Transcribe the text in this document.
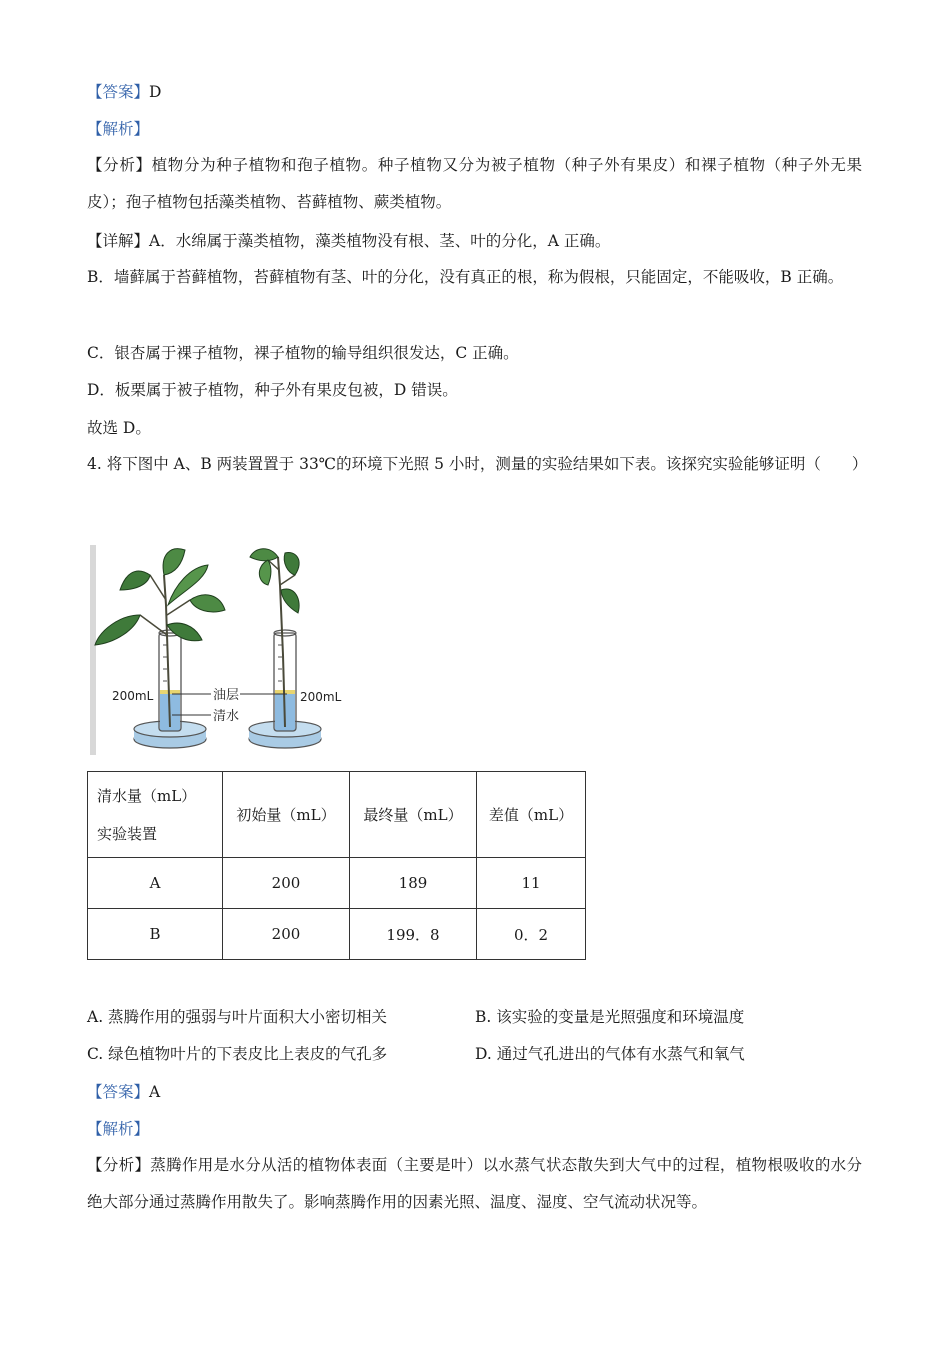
【答案】D
【解析】
【分析】植物分为种子植物和孢子植物。种子植物又分为被子植物（种子外有果皮）和裸子植物（种子外无果皮）；孢子植物包括藻类植物、苔藓植物、蕨类植物。
【详解】A．水绵属于藻类植物，藻类植物没有根、茎、叶的分化，A 正确。
B．墙藓属于苔藓植物，苔藓植物有茎、叶的分化，没有真正的根，称为假根，只能固定，不能吸收，B 正确。
C．银杏属于裸子植物，裸子植物的输导组织很发达，C 正确。
D．板栗属于被子植物，种子外有果皮包被，D 错误。
故选 D。
4. 将下图中 A、B 两装置置于 33℃的环境下光照 5 小时，测量的实验结果如下表。该探究实验能够证明（　　）
200mL	200mL
油层
清水
清水量（mL）
实验装置	初始量（mL）	最终量（mL）	差值（mL）
A	200	189	11
B	200	199．8	0．2
A. 蒸腾作用的强弱与叶片面积大小密切相关	B. 该实验的变量是光照强度和环境温度
C. 绿色植物叶片的下表皮比上表皮的气孔多	D. 通过气孔进出的气体有水蒸气和氧气
【答案】A
【解析】
【分析】蒸腾作用是水分从活的植物体表面（主要是叶）以水蒸气状态散失到大气中的过程，植物根吸收的水分绝大部分通过蒸腾作用散失了。影响蒸腾作用的因素光照、温度、湿度、空气流动状况等。
